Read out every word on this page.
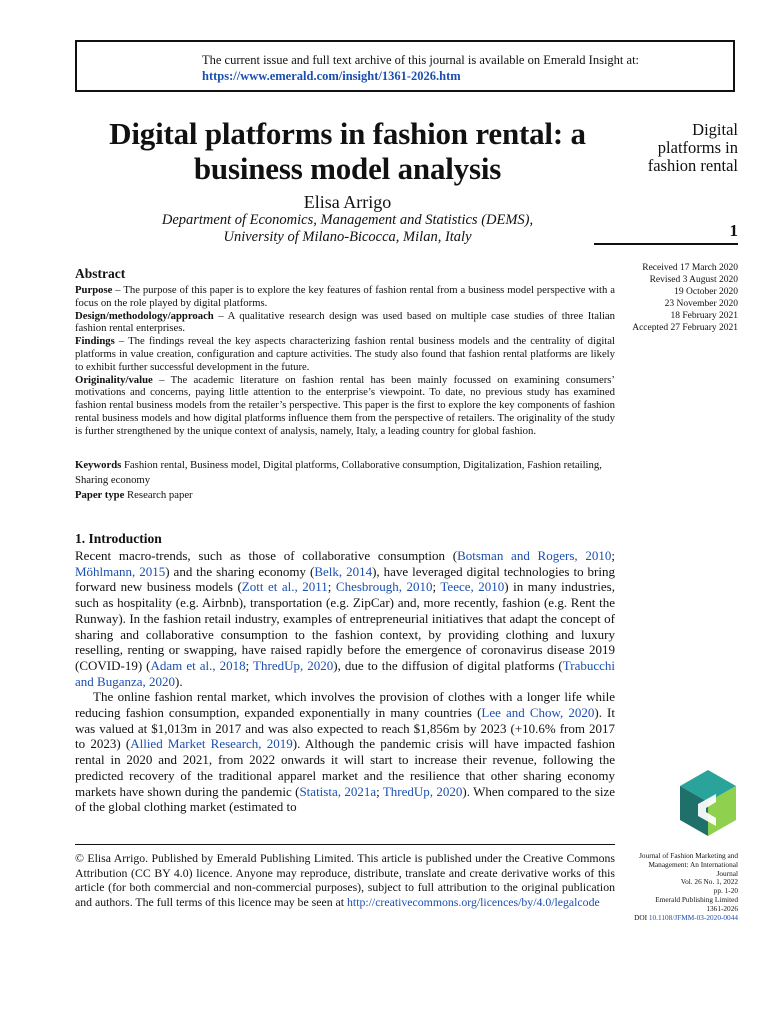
The current issue and full text archive of this journal is available on Emerald Insight at:
https://www.emerald.com/insight/1361-2026.htm
Digital platforms in fashion rental: a business model analysis
Elisa Arrigo
Department of Economics, Management and Statistics (DEMS),
University of Milano-Bicocca, Milan, Italy
Digital
platforms in
fashion rental
1
Received 17 March 2020
Revised 3 August 2020
19 October 2020
23 November 2020
18 February 2021
Accepted 27 February 2021
Abstract

Purpose – The purpose of this paper is to explore the key features of fashion rental from a business model perspective with a focus on the role played by digital platforms.

Design/methodology/approach – A qualitative research design was used based on multiple case studies of three Italian fashion rental enterprises.

Findings – The findings reveal the key aspects characterizing fashion rental business models and the centrality of digital platforms in value creation, configuration and capture activities. The study also found that fashion rental platforms are likely to exhibit further successful development in the future.

Originality/value – The academic literature on fashion rental has been mainly focussed on examining consumers’ motivations and concerns, paying little attention to the enterprise’s viewpoint. To date, no previous study has examined fashion rental business models from the retailer’s perspective. This paper is the first to explore the key components of fashion rental business models and how digital platforms influence them from the perspective of retailers. The originality of the study is further strengthened by the unique context of analysis, namely, Italy, a leading country for global fashion.

Keywords Fashion rental, Business model, Digital platforms, Collaborative consumption, Digitalization, Fashion retailing, Sharing economy

Paper type Research paper

1. Introduction

Recent macro-trends, such as those of collaborative consumption (Botsman and Rogers, 2010; Möhlmann, 2015) and the sharing economy (Belk, 2014), have leveraged digital technologies to bring forward new business models (Zott et al., 2011; Chesbrough, 2010; Teece, 2010) in many industries, such as hospitality (e.g. Airbnb), transportation (e.g. ZipCar) and, more recently, fashion (e.g. Rent the Runway). In the fashion retail industry, examples of entrepreneurial initiatives that adapt the concept of sharing and collaborative consumption to the fashion context, by providing clothing and luxury reselling, renting or swapping, have raised rapidly before the emergence of coronavirus disease 2019 (COVID-19) (Adam et al., 2018; ThredUp, 2020), due to the diffusion of digital platforms (Trabucchi and Buganza, 2020).

The online fashion rental market, which involves the provision of clothes with a longer life while reducing fashion consumption, expanded exponentially in many countries (Lee and Chow, 2020). It was valued at $1,013m in 2017 and was also expected to reach $1,856m by 2023 (+10.6% from 2017 to 2023) (Allied Market Research, 2019). Although the pandemic crisis will have impacted fashion rental in 2020 and 2021, from 2022 onwards it will start to increase their revenue, following the predicted recovery of the traditional apparel market and the resilience that other sharing economy markets have shown during the pandemic (Statista, 2021a; ThredUp, 2020). When compared to the size of the global clothing market (estimated to

© Elisa Arrigo. Published by Emerald Publishing Limited. This article is published under the Creative Commons Attribution (CC BY 4.0) licence. Anyone may reproduce, distribute, translate and create derivative works of this article (for both commercial and non-commercial purposes), subject to full attribution to the original publication and authors. The full terms of this licence may be seen at http://creativecommons.org/licences/by/4.0/legalcode
Journal of Fashion Marketing and
Management: An International
Journal
Vol. 26 No. 1, 2022
pp. 1-20
Emerald Publishing Limited
1361-2026
DOI 10.1108/JFMM-03-2020-0044
